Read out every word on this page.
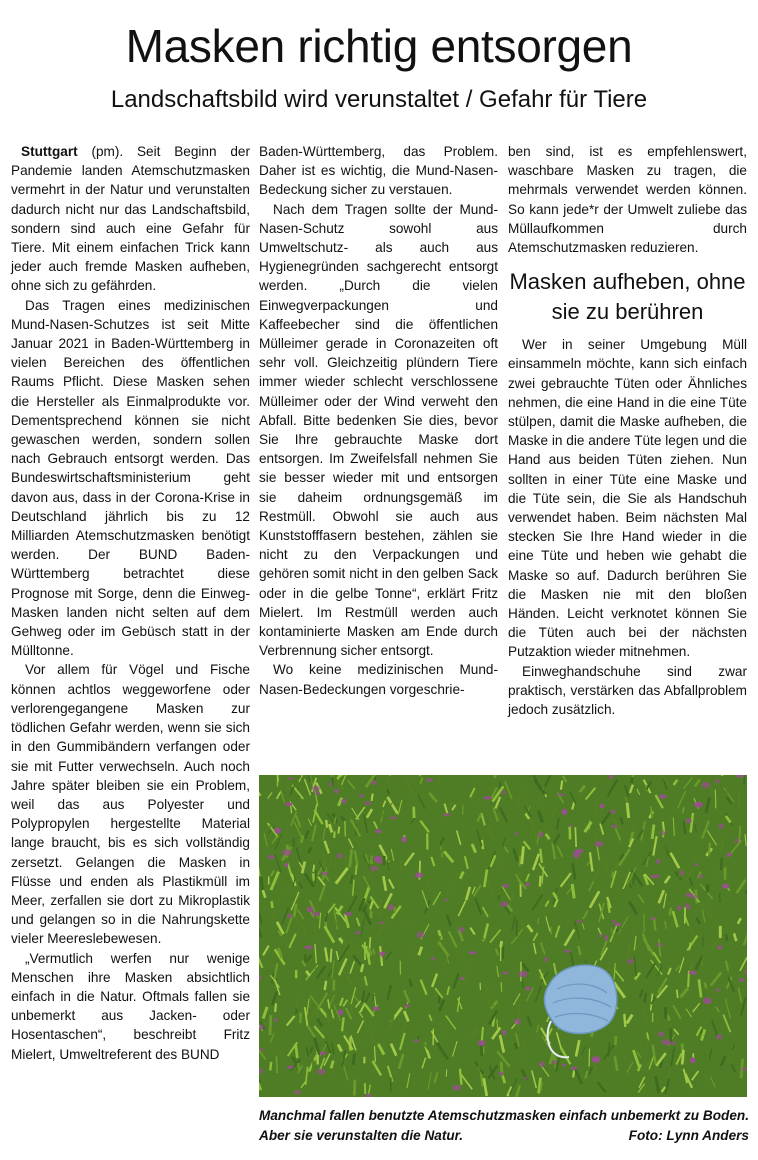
Masken richtig entsorgen
Landschaftsbild wird verunstaltet / Gefahr für Tiere

Stuttgart (pm). Seit Beginn der Pandemie landen Atemschutzmasken vermehrt in der Natur und verunstalten dadurch nicht nur das Landschaftsbild, sondern sind auch eine Gefahr für Tiere. Mit einem einfachen Trick kann jeder auch fremde Masken aufheben, ohne sich zu gefährden.

Das Tragen eines medizinischen Mund-Nasen-Schutzes ist seit Mitte Januar 2021 in Baden-Württemberg in vielen Bereichen des öffentlichen Raums Pflicht. Diese Masken sehen die Hersteller als Einmalprodukte vor. Dementsprechend können sie nicht gewaschen werden, sondern sollen nach Gebrauch entsorgt werden. Das Bundeswirtschaftsministerium geht davon aus, dass in der Corona-Krise in Deutschland jährlich bis zu 12 Milliarden Atemschutzmasken benötigt werden. Der BUND Baden-Württemberg betrachtet diese Prognose mit Sorge, denn die Einweg-Masken landen nicht selten auf dem Gehweg oder im Gebüsch statt in der Mülltonne.

Vor allem für Vögel und Fische können achtlos weggeworfene oder verlorengegangene Masken zur tödlichen Gefahr werden, wenn sie sich in den Gummibändern verfangen oder sie mit Futter verwechseln. Auch noch Jahre später bleiben sie ein Problem, weil das aus Polyester und Polypropylen hergestellte Material lange braucht, bis es sich vollständig zersetzt. Gelangen die Masken in Flüsse und enden als Plastikmüll im Meer, zerfallen sie dort zu Mikroplastik und gelangen so in die Nahrungskette vieler Meereslebewesen.

„Vermutlich werfen nur wenige Menschen ihre Masken absichtlich einfach in die Natur. Oftmals fallen sie unbemerkt aus Jacken- oder Hosentaschen“, beschreibt Fritz Mielert, Umweltreferent des BUND

Baden-Württemberg, das Problem. Daher ist es wichtig, die Mund-Nasen-Bedeckung sicher zu verstauen.

Nach dem Tragen sollte der Mund-Nasen-Schutz sowohl aus Umweltschutz- als auch aus Hygienegründen sachgerecht entsorgt werden. „Durch die vielen Einwegverpackungen und Kaffeebecher sind die öffentlichen Mülleimer gerade in Coronazeiten oft sehr voll. Gleichzeitig plündern Tiere immer wieder schlecht verschlossene Mülleimer oder der Wind verweht den Abfall. Bitte bedenken Sie dies, bevor Sie Ihre gebrauchte Maske dort entsorgen. Im Zweifelsfall nehmen Sie sie besser wieder mit und entsorgen sie daheim ordnungsgemäß im Restmüll. Obwohl sie auch aus Kunststofffasern bestehen, zählen sie nicht zu den Verpackungen und gehören somit nicht in den gelben Sack oder in die gelbe Tonne“, erklärt Fritz Mielert. Im Restmüll werden auch kontaminierte Masken am Ende durch Verbrennung sicher entsorgt.

Wo keine medizinischen Mund-Nasen-Bedeckungen vorgeschrie-

ben sind, ist es empfehlenswert, waschbare Masken zu tragen, die mehrmals verwendet werden können. So kann jede*r der Umwelt zuliebe das Müllaufkommen durch Atemschutzmasken reduzieren.

Masken aufheben, ohne sie zu berühren

Wer in seiner Umgebung Müll einsammeln möchte, kann sich einfach zwei gebrauchte Tüten oder Ähnliches nehmen, die eine Hand in die eine Tüte stülpen, damit die Maske aufheben, die Maske in die andere Tüte legen und die Hand aus beiden Tüten ziehen. Nun sollten in einer Tüte eine Maske und die Tüte sein, die Sie als Handschuh verwendet haben. Beim nächsten Mal stecken Sie Ihre Hand wieder in die eine Tüte und heben wie gehabt die Maske so auf. Dadurch berühren Sie die Masken nie mit den bloßen Händen. Leicht verknotet können Sie die Tüten auch bei der nächsten Putzaktion wieder mitnehmen.

Einweghandschuhe sind zwar praktisch, verstärken das Abfallproblem jedoch zusätzlich.

Manchmal fallen benutzte Atemschutzmasken einfach unbemerkt zu Boden. Aber sie verunstalten die Natur.	Foto: Lynn Anders
